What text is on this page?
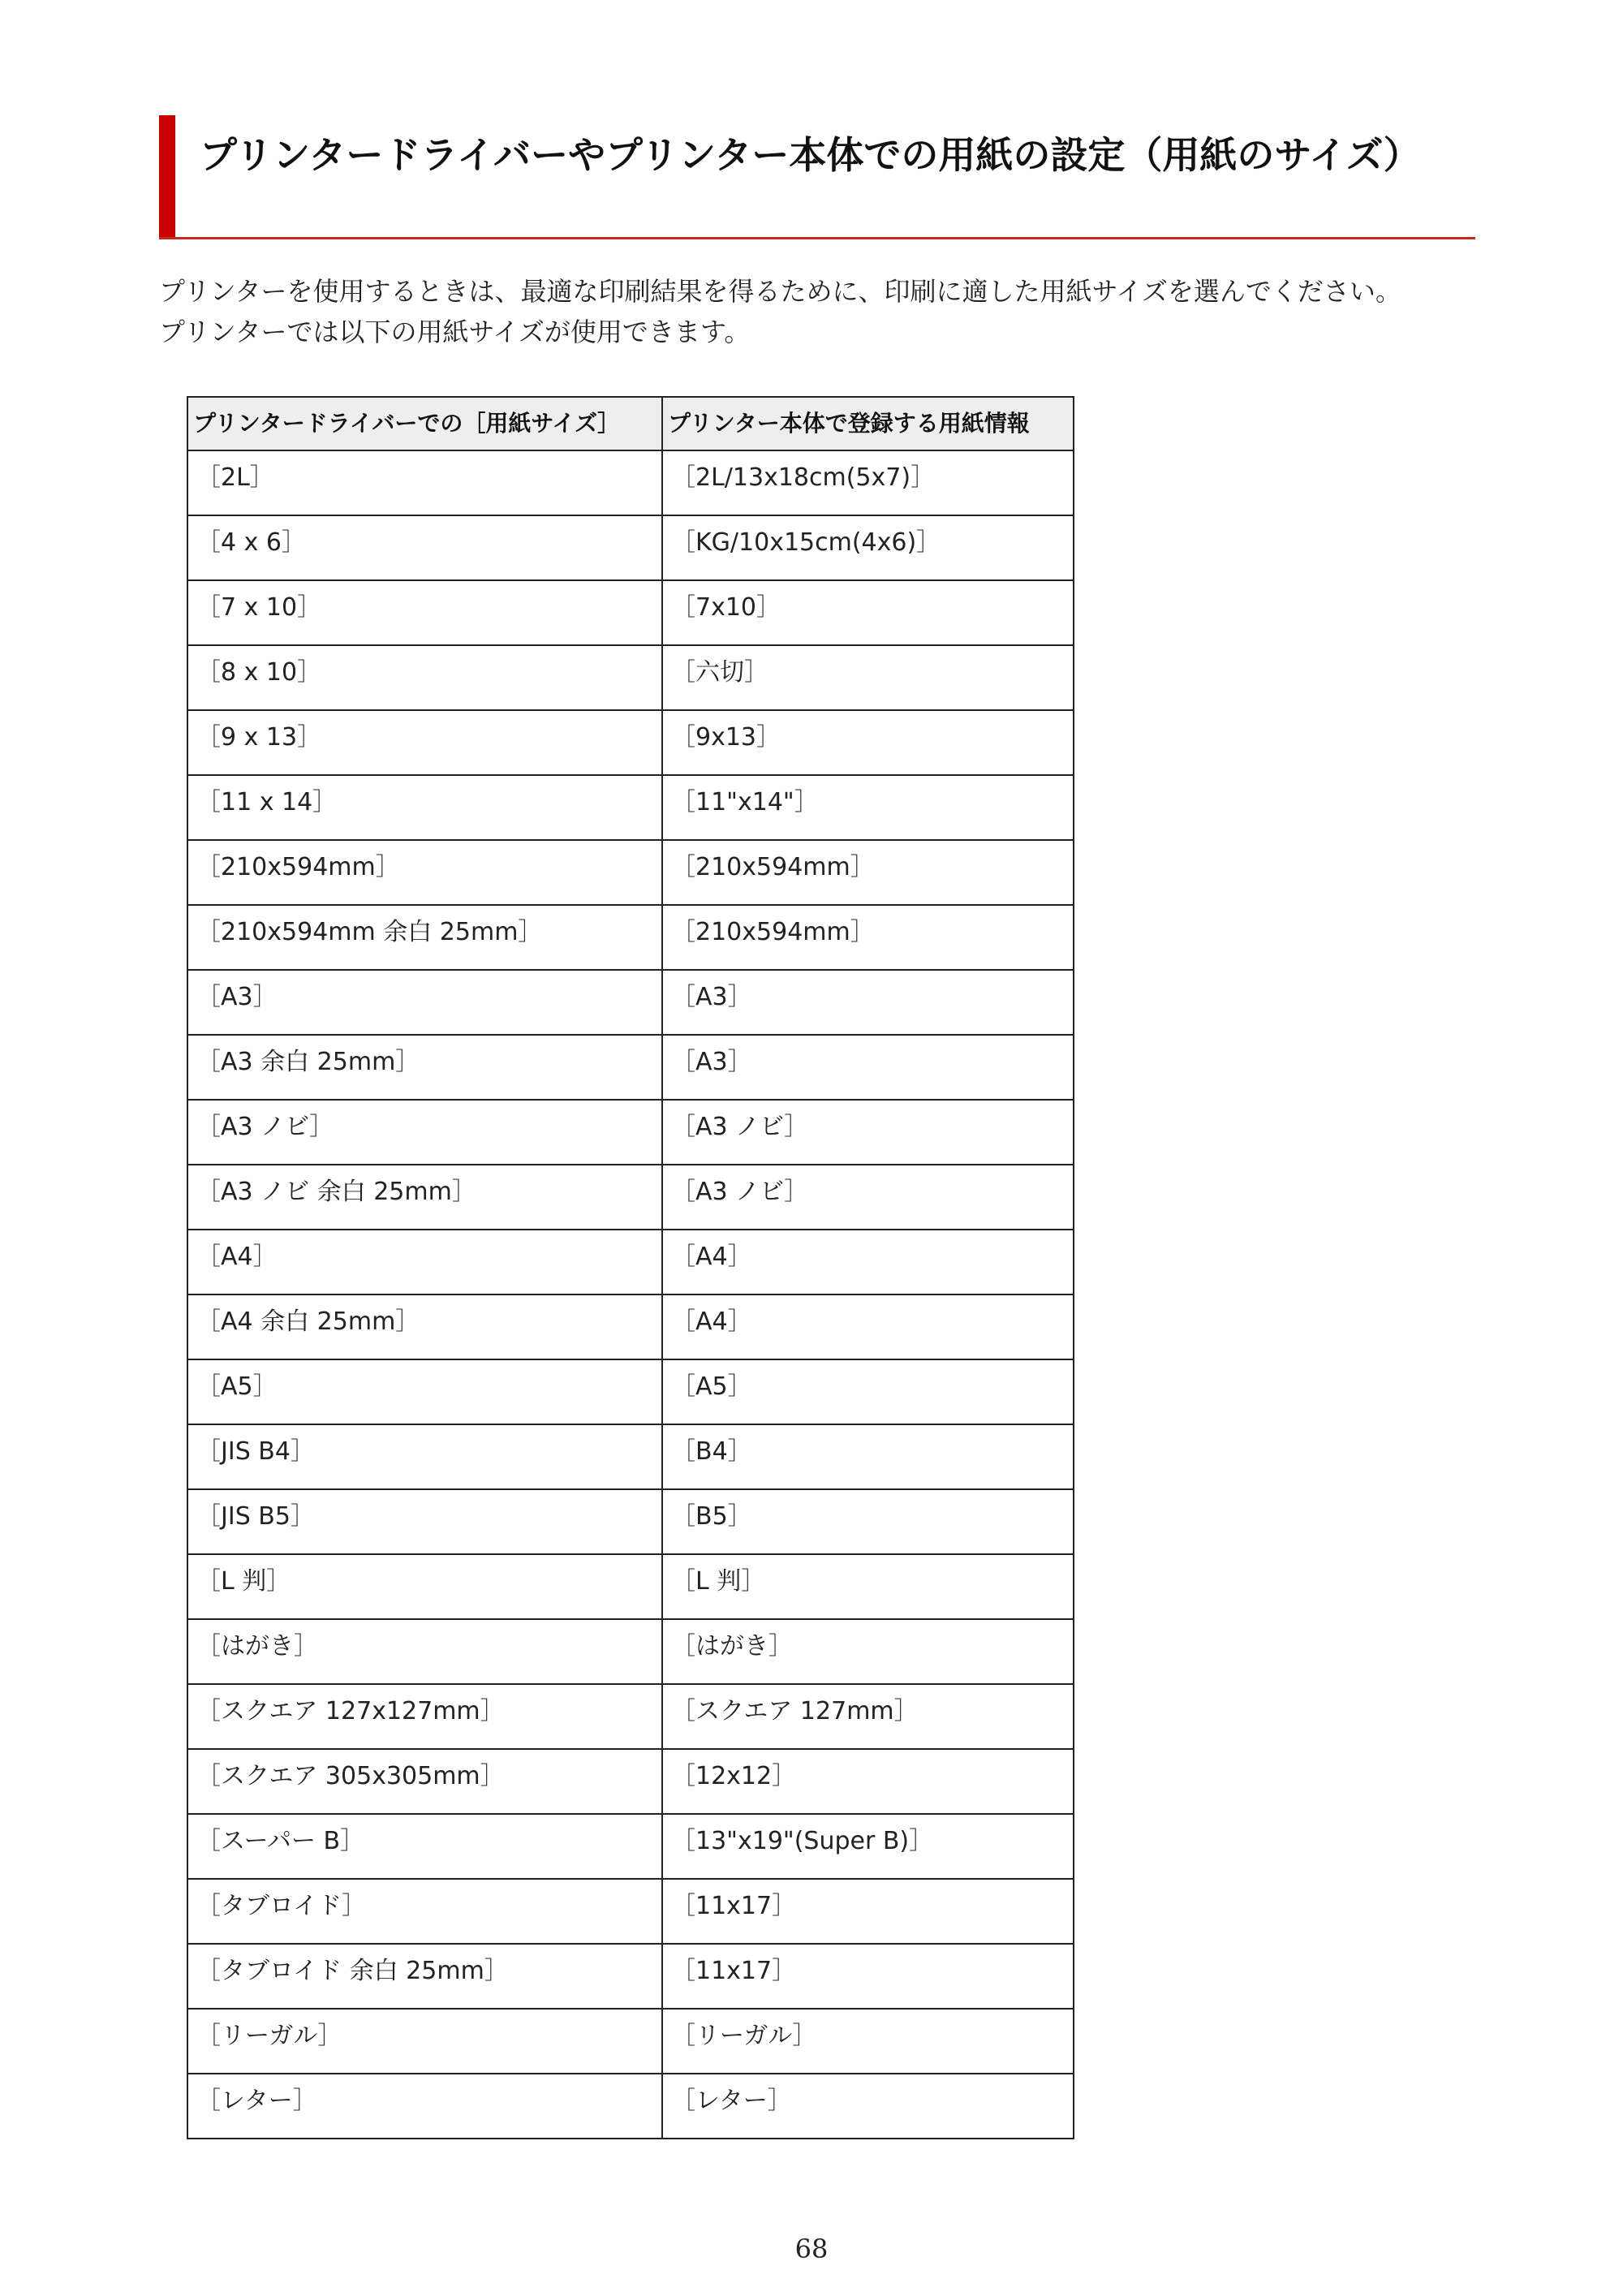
プリンタードライバーやプリンター本体での用紙の設定（用紙のサイズ）

プリンターを使用するときは、最適な印刷結果を得るために、印刷に適した用紙サイズを選んでください。

プリンターでは以下の用紙サイズが使用できます。

プリンタードライバーでの［用紙サイズ］	プリンター本体で登録する用紙情報
［2L］	［2L/13x18cm(5x7)］
［4 x 6］	［KG/10x15cm(4x6)］
［7 x 10］	［7x10］
［8 x 10］	［六切］
［9 x 13］	［9x13］
［11 x 14］	［11"x14"］
［210x594mm］	［210x594mm］
［210x594mm 余白 25mm］	［210x594mm］
［A3］	［A3］
［A3 余白 25mm］	［A3］
［A3 ノビ］	［A3 ノビ］
［A3 ノビ 余白 25mm］	［A3 ノビ］
［A4］	［A4］
［A4 余白 25mm］	［A4］
［A5］	［A5］
［JIS B4］	［B4］
［JIS B5］	［B5］
［L 判］	［L 判］
［はがき］	［はがき］
［スクエア 127x127mm］	［スクエア 127mm］
［スクエア 305x305mm］	［12x12］
［スーパー B］	［13"x19"(Super B)］
［タブロイド］	［11x17］
［タブロイド 余白 25mm］	［11x17］
［リーガル］	［リーガル］
［レター］	［レター］
68
